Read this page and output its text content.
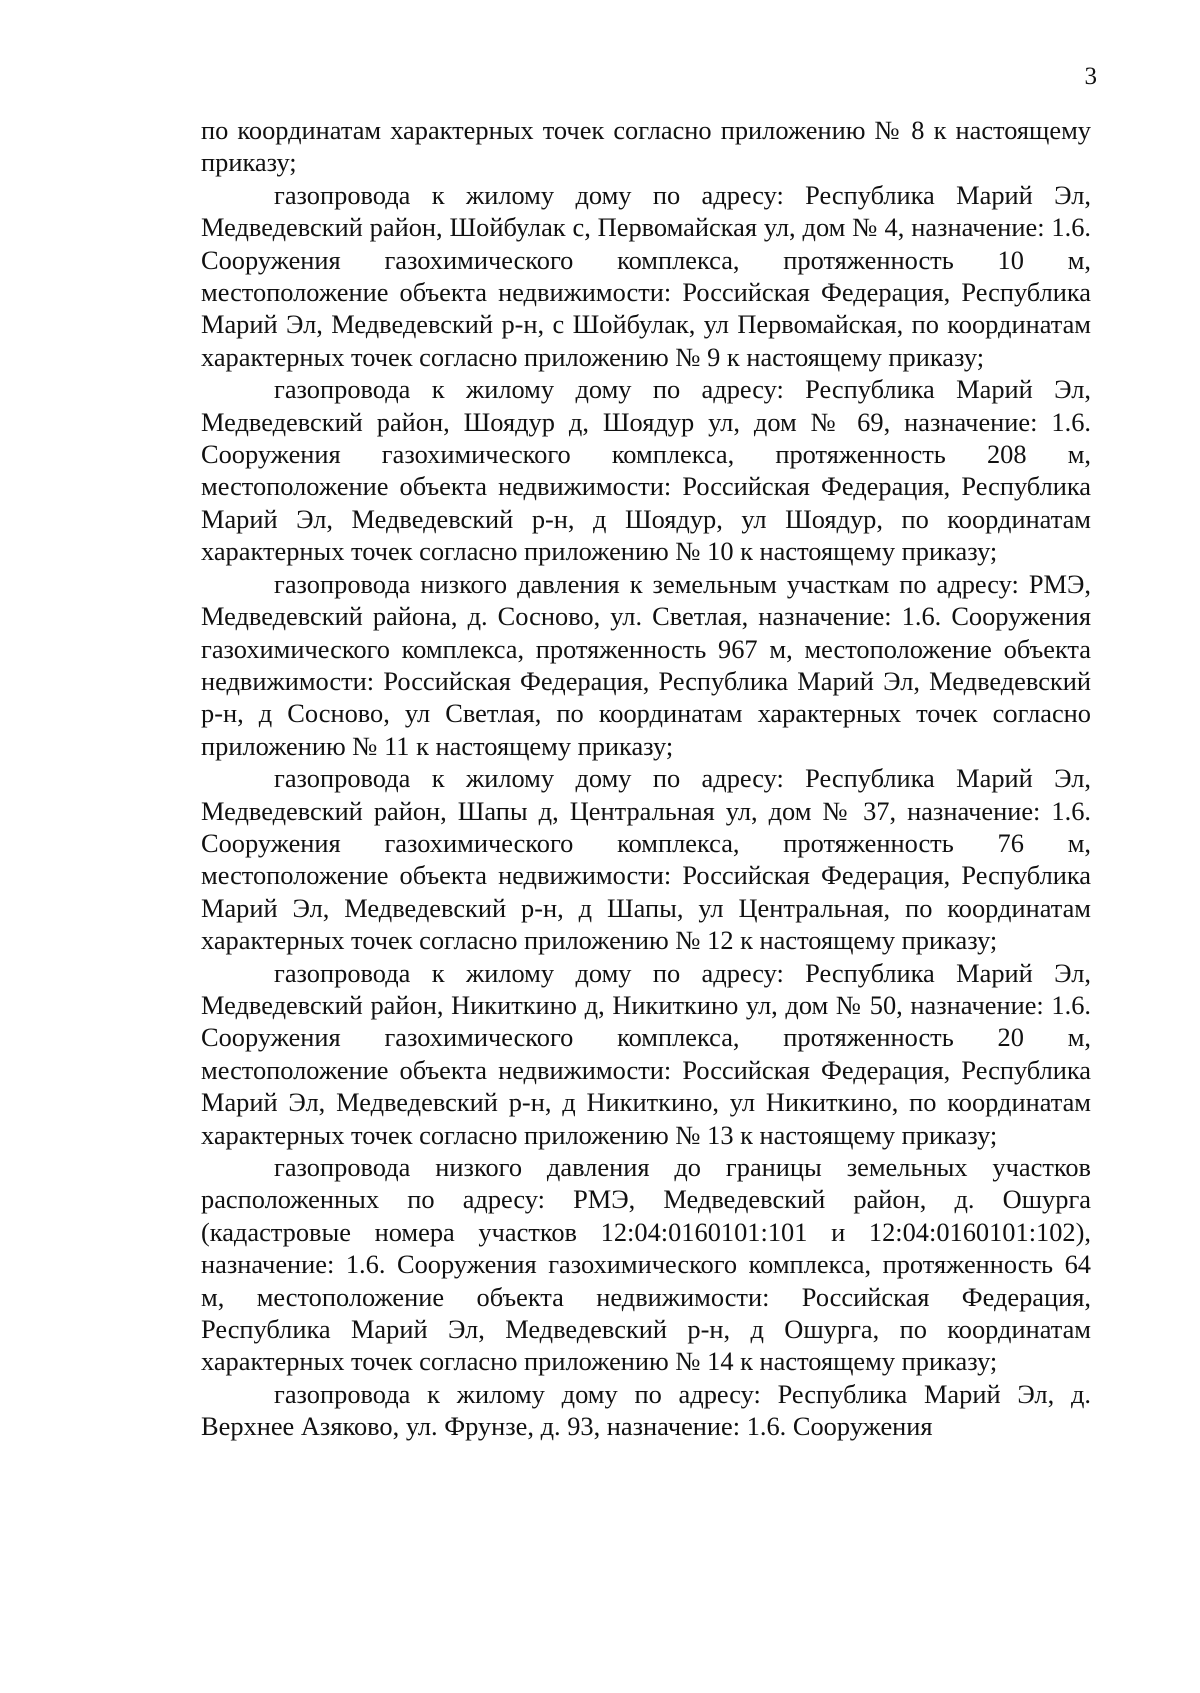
3

по координатам характерных точек согласно приложению № 8 к настоящему приказу;

газопровода к жилому дому по адресу: Республика Марий Эл, Медведевский район, Шойбулак с, Первомайская ул, дом № 4, назначение: 1.6. Сооружения газохимического комплекса, протяженность 10 м, местоположение объекта недвижимости: Российская Федерация, Республика Марий Эл, Медведевский р-н, с Шойбулак, ул Первомайская, по координатам характерных точек согласно приложению № 9 к настоящему приказу;

газопровода к жилому дому по адресу: Республика Марий Эл, Медведевский район, Шоядур д, Шоядур ул, дом № 69, назначение: 1.6. Сооружения газохимического комплекса, протяженность 208 м, местоположение объекта недвижимости: Российская Федерация, Республика Марий Эл, Медведевский р-н, д Шоядур, ул Шоядур, по координатам характерных точек согласно приложению № 10 к настоящему приказу;

газопровода низкого давления к земельным участкам по адресу: РМЭ, Медведевский района, д. Сосново, ул. Светлая, назначение: 1.6. Сооружения газохимического комплекса, протяженность 967 м, местоположение объекта недвижимости: Российская Федерация, Республика Марий Эл, Медведевский р-н, д Сосново, ул Светлая, по координатам характерных точек согласно приложению № 11 к настоящему приказу;

газопровода к жилому дому по адресу: Республика Марий Эл, Медведевский район, Шапы д, Центральная ул, дом № 37, назначение: 1.6. Сооружения газохимического комплекса, протяженность 76 м, местоположение объекта недвижимости: Российская Федерация, Республика Марий Эл, Медведевский р-н, д Шапы, ул Центральная, по координатам характерных точек согласно приложению № 12 к настоящему приказу;

газопровода к жилому дому по адресу: Республика Марий Эл, Медведевский район, Никиткино д, Никиткино ул, дом № 50, назначение: 1.6. Сооружения газохимического комплекса, протяженность 20 м, местоположение объекта недвижимости: Российская Федерация, Республика Марий Эл, Медведевский р-н, д Никиткино, ул Никиткино, по координатам характерных точек согласно приложению № 13 к настоящему приказу;

газопровода низкого давления до границы земельных участков расположенных по адресу: РМЭ, Медведевский район, д. Ошурга (кадастровые номера участков 12:04:0160101:101 и 12:04:0160101:102), назначение: 1.6. Сооружения газохимического комплекса, протяженность 64 м, местоположение объекта недвижимости: Российская Федерация, Республика Марий Эл, Медведевский р-н, д Ошурга, по координатам характерных точек согласно приложению № 14 к настоящему приказу;

газопровода к жилому дому по адресу: Республика Марий Эл, д. Верхнее Азяково, ул. Фрунзе, д. 93, назначение: 1.6. Сооружения
